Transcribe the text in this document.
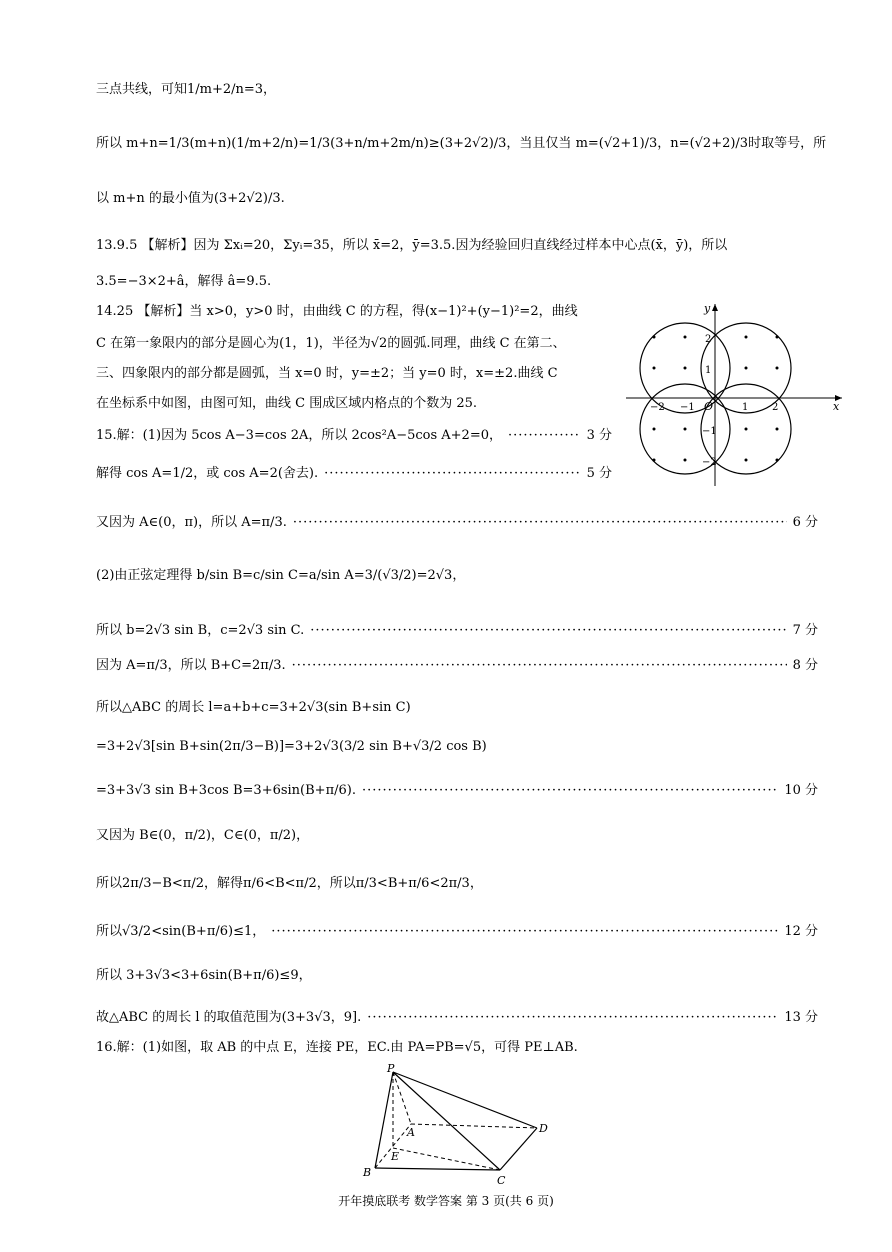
三点共线，可知1/m+2/n=3，
所以 m+n=1/3(m+n)(1/m+2/n)=1/3(3+n/m+2m/n)≥(3+2√2)/3，当且仅当 m=(√2+1)/3，n=(√2+2)/3时取等号，所
以 m+n 的最小值为(3+2√2)/3.
13.9.5 【解析】因为 Σxᵢ=20，Σyᵢ=35，所以 x̄=2，ȳ=3.5.因为经验回归直线经过样本中心点(x̄，ȳ)，所以
3.5=−3×2+â，解得 â=9.5.
14.25 【解析】当 x>0，y>0 时，由曲线 C 的方程，得(x−1)²+(y−1)²=2，曲线
C 在第一象限内的部分是圆心为(1，1)，半径为√2的圆弧.同理，曲线 C 在第二、
三、四象限内的部分都是圆弧，当 x=0 时，y=±2；当 y=0 时，x=±2.曲线 C
在坐标系中如图，由图可知，曲线 C 围成区域内格点的个数为 25.
15.解：(1)因为 5cos A−3=cos 2A，所以 2cos²A−5cos A+2=0， ·····	3 分
解得 cos A=1/2，或 cos A=2(舍去). ·····	5 分
又因为 A∈(0，π)，所以 A=π/3. ·····	6 分
(2)由正弦定理得 b/sin B=c/sin C=a/sin A=3/(√3/2)=2√3，
所以 b=2√3 sin B，c=2√3 sin C. ·····	7 分
因为 A=π/3，所以 B+C=2π/3. ·····	8 分
所以△ABC 的周长 l=a+b+c=3+2√3(sin B+sin C)
=3+2√3[sin B+sin(2π/3−B)]=3+2√3(3/2 sin B+√3/2 cos B)
=3+3√3 sin B+3cos B=3+6sin(B+π/6). ·····	10 分
又因为 B∈(0，π/2)，C∈(0，π/2)，
所以2π/3−B<π/2，解得π/6<B<π/2，所以π/3<B+π/6<2π/3，
所以√3/2<sin(B+π/6)≤1， ·····	12 分
所以 3+3√3<3+6sin(B+π/6)≤9，
故△ABC 的周长 l 的取值范围为(3+3√3，9]. ·····	13 分
16.解：(1)如图，取 AB 的中点 E，连接 PE，EC.由 PA=PB=√5，可得 PE⊥AB.
x
y
O
−2 −1	1 2
2
1
−1
−2
P
A
B
C
D
E
开年摸底联考 数学答案 第 3 页(共 6 页)
